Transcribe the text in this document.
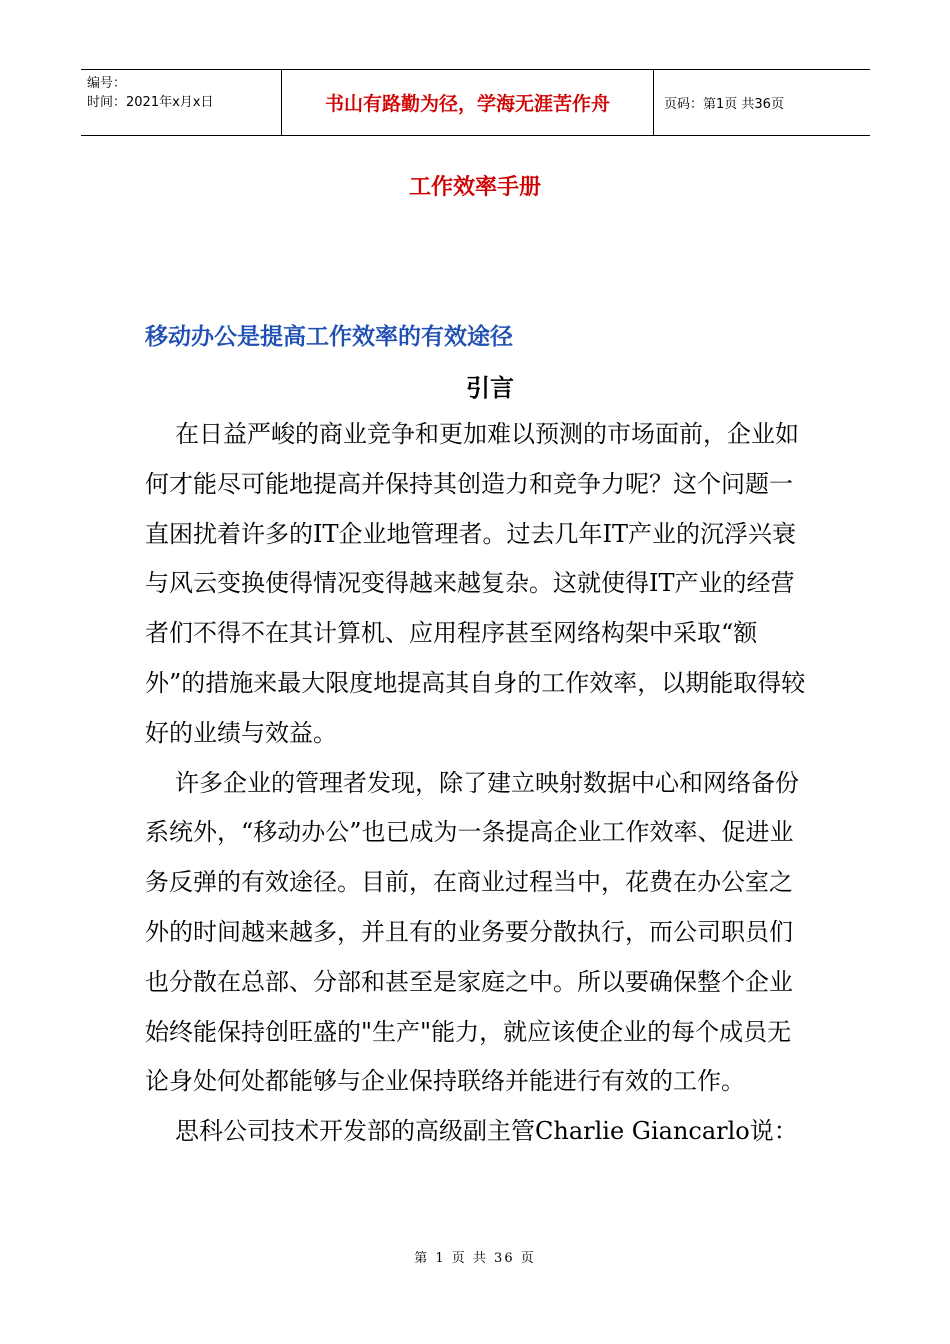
编号：
时间：2021年x月x日	书山有路勤为径，学海无涯苦作舟	页码：第1页 共36页
工作效率手册
移动办公是提高工作效率的有效途径
引言

在日益严峻的商业竞争和更加难以预测的市场面前，企业如何才能尽可能地提高并保持其创造力和竞争力呢？这个问题一直困扰着许多的IT企业地管理者。过去几年IT产业的沉浮兴衰与风云变换使得情况变得越来越复杂。这就使得IT产业的经营者们不得不在其计算机、应用程序甚至网络构架中采取“额外”的措施来最大限度地提高其自身的工作效率，以期能取得较好的业绩与效益。

许多企业的管理者发现，除了建立映射数据中心和网络备份系统外，“移动办公”也已成为一条提高企业工作效率、促进业务反弹的有效途径。目前，在商业过程当中，花费在办公室之外的时间越来越多，并且有的业务要分散执行，而公司职员们也分散在总部、分部和甚至是家庭之中。所以要确保整个企业始终能保持创旺盛的"生产"能力，就应该使企业的每个成员无论身处何处都能够与企业保持联络并能进行有效的工作。

思科公司技术开发部的高级副主管Charlie Giancarlo说：

第 1 页 共 36 页
